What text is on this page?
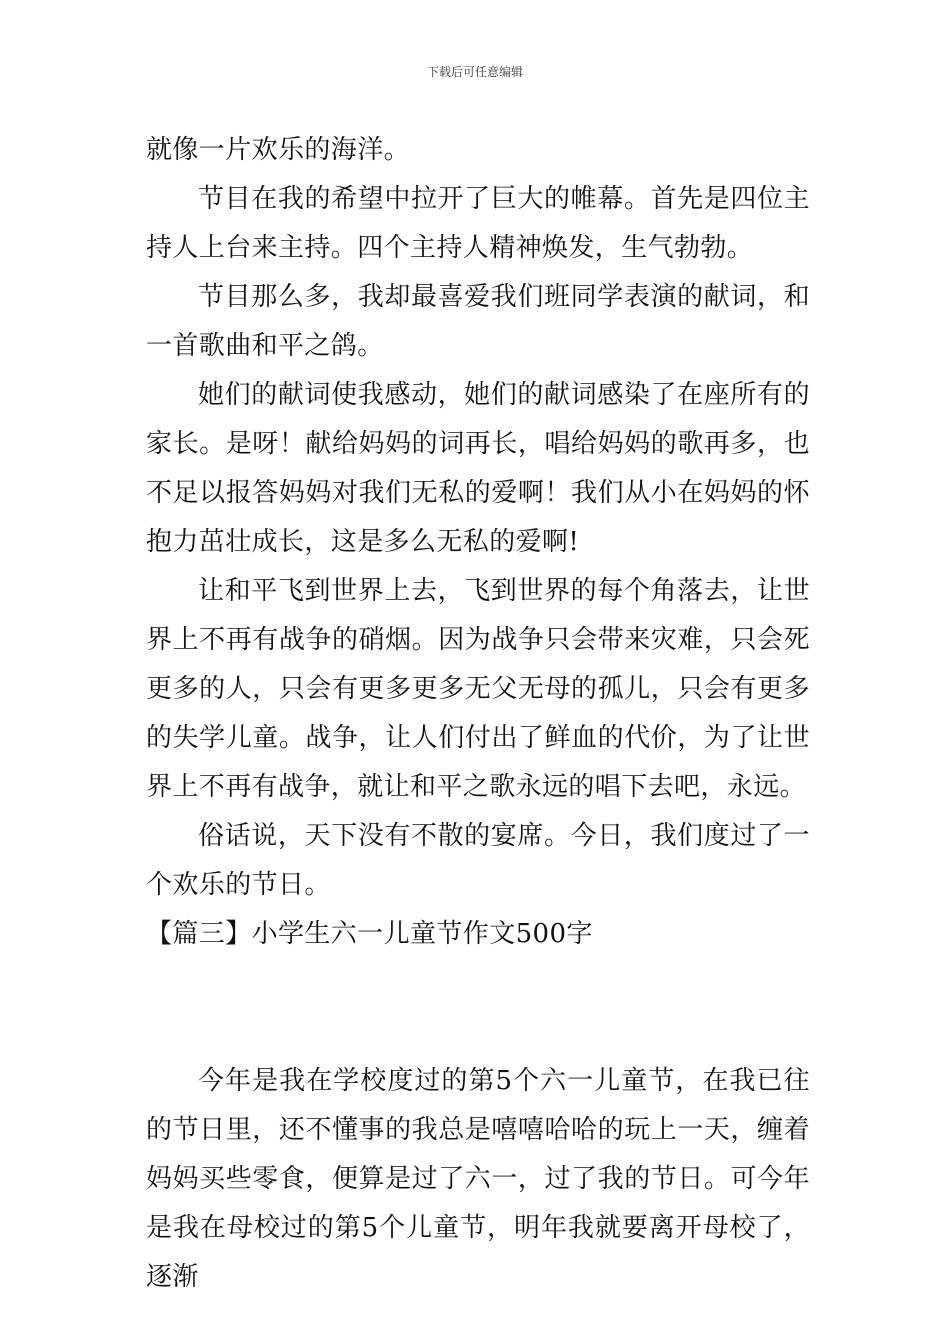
下载后可任意编辑

就像一片欢乐的海洋。

节目在我的希望中拉开了巨大的帷幕。首先是四位主持人上台来主持。四个主持人精神焕发，生气勃勃。

节目那么多，我却最喜爱我们班同学表演的献词，和一首歌曲和平之鸽。

她们的献词使我感动，她们的献词感染了在座所有的家长。是呀！献给妈妈的词再长，唱给妈妈的歌再多，也不足以报答妈妈对我们无私的爱啊！我们从小在妈妈的怀抱力茁壮成长，这是多么无私的爱啊!

让和平飞到世界上去，飞到世界的每个角落去，让世界上不再有战争的硝烟。因为战争只会带来灾难，只会死更多的人，只会有更多更多无父无母的孤儿，只会有更多的失学儿童。战争，让人们付出了鲜血的代价，为了让世界上不再有战争，就让和平之歌永远的唱下去吧，永远。

俗话说，天下没有不散的宴席。今日，我们度过了一个欢乐的节日。

【篇三】小学生六一儿童节作文500字

今年是我在学校度过的第5个六一儿童节，在我已往的节日里，还不懂事的我总是嘻嘻哈哈的玩上一天，缠着妈妈买些零食，便算是过了六一，过了我的节日。可今年是我在母校过的第5个儿童节，明年我就要离开母校了，逐渐
